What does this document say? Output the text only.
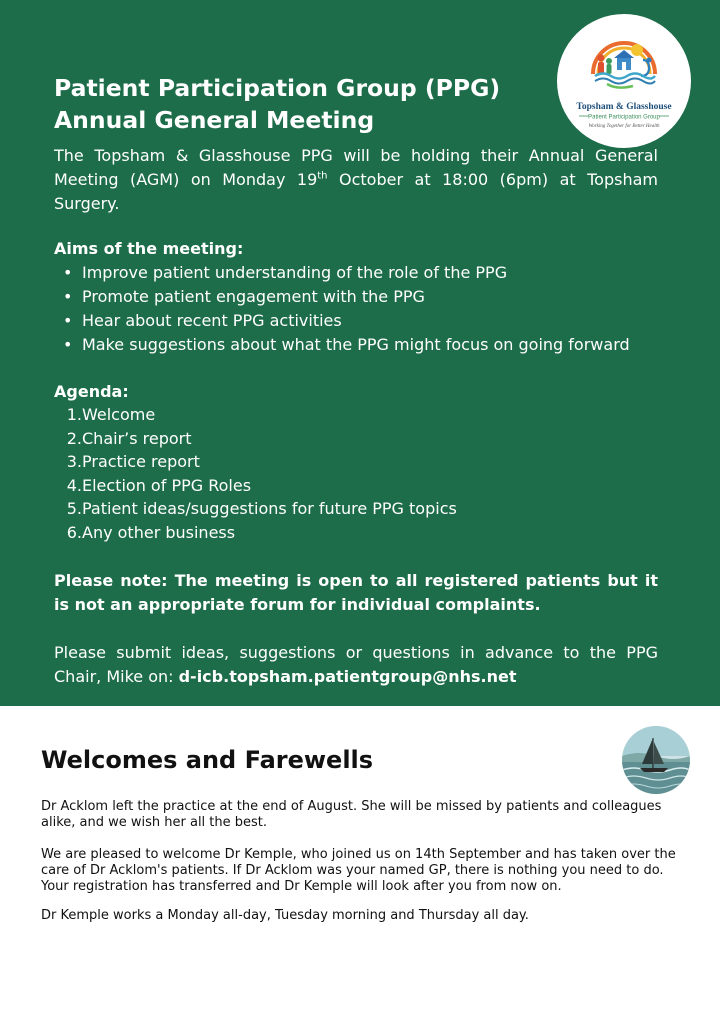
Topsham & Glasshouse
Patient Participation Group
Working Together for Better Health
Patient Participation Group (PPG)
Annual General Meeting

The Topsham & Glasshouse PPG will be holding their Annual General Meeting (AGM) on Monday 19th October at 18:00 (6pm) at Topsham Surgery.

Aims of the meeting:

• Improve patient understanding of the role of the PPG
• Promote patient engagement with the PPG
• Hear about recent PPG activities
• Make suggestions about what the PPG might focus on going forward

Agenda:

1. Welcome
2. Chair’s report
3. Practice report
4. Election of PPG Roles
5. Patient ideas/suggestions for future PPG topics
6. Any other business

Please note: The meeting is open to all registered patients but it is not an appropriate forum for individual complaints.

Please submit ideas, suggestions or questions in advance to the PPG Chair, Mike on: d-icb.topsham.patientgroup@nhs.net

Welcomes and Farewells

Dr Acklom left the practice at the end of August. She will be missed by patients and colleagues alike, and we wish her all the best.

We are pleased to welcome Dr Kemple, who joined us on 14th September and has taken over the care of Dr Acklom's patients. If Dr Acklom was your named GP, there is nothing you need to do. Your registration has transferred and Dr Kemple will look after you from now on.

Dr Kemple works a Monday all-day, Tuesday morning and Thursday all day.
